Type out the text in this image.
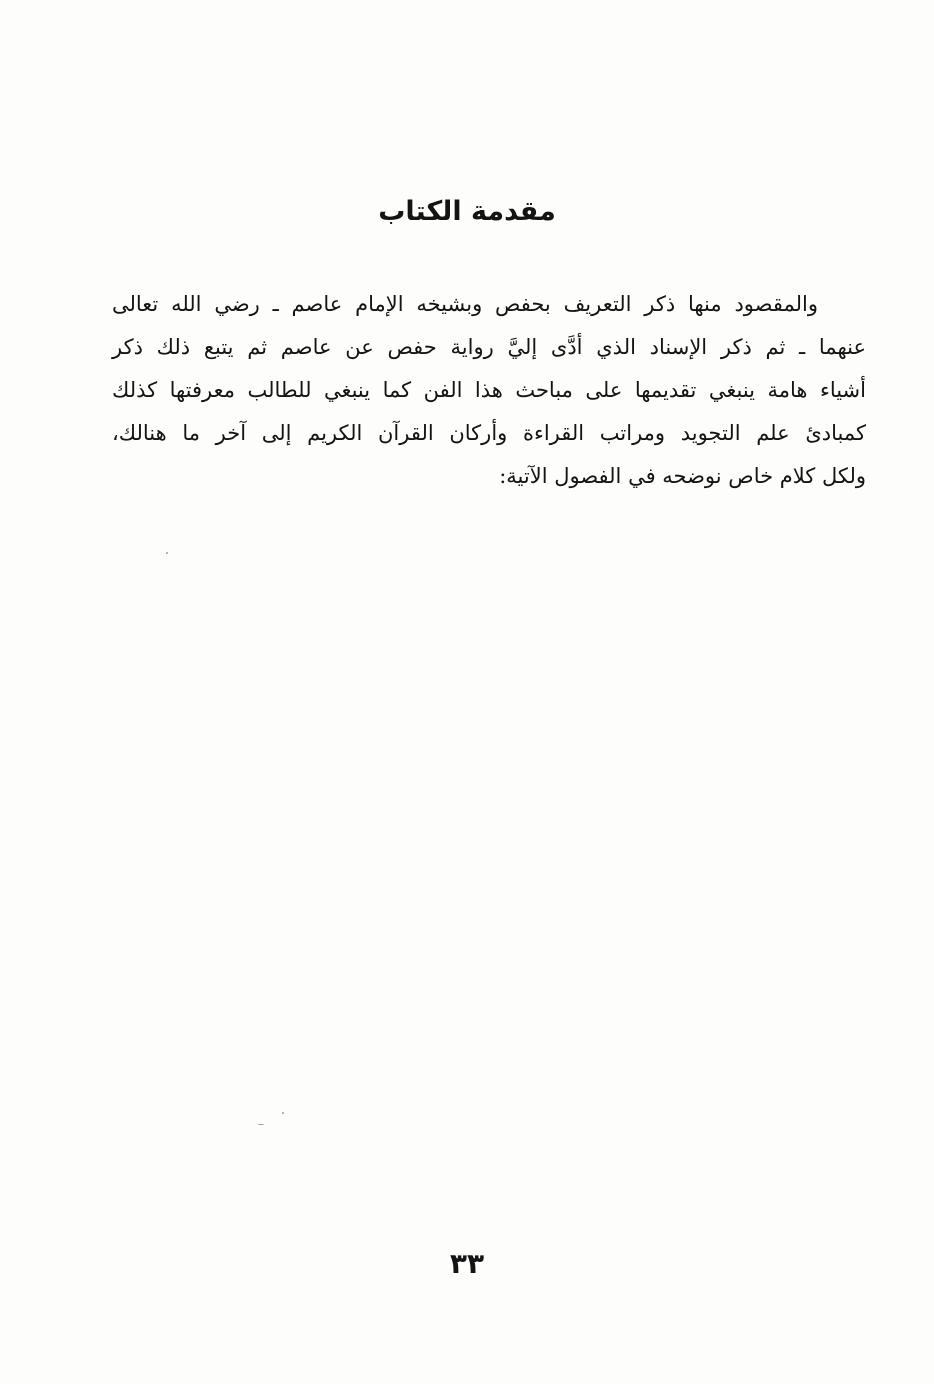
مقدمة الكتاب

والمقصود منها ذكر التعريف بحفص وبشيخه الإمام عاصم ـ رضي الله تعالى
عنهما ـ ثم ذكر الإسناد الذي أدَّى إليَّ رواية حفص عن عاصم ثم يتبع ذلك ذكر
أشياء هامة ينبغي تقديمها على مباحث هذا الفن كما ينبغي للطالب معرفتها كذلك
كمبادئ علم التجويد ومراتب القراءة وأركان القرآن الكريم إلى آخر ما هنالك،
ولكل كلام خاص نوضحه في الفصول الآتية:

٣٣
